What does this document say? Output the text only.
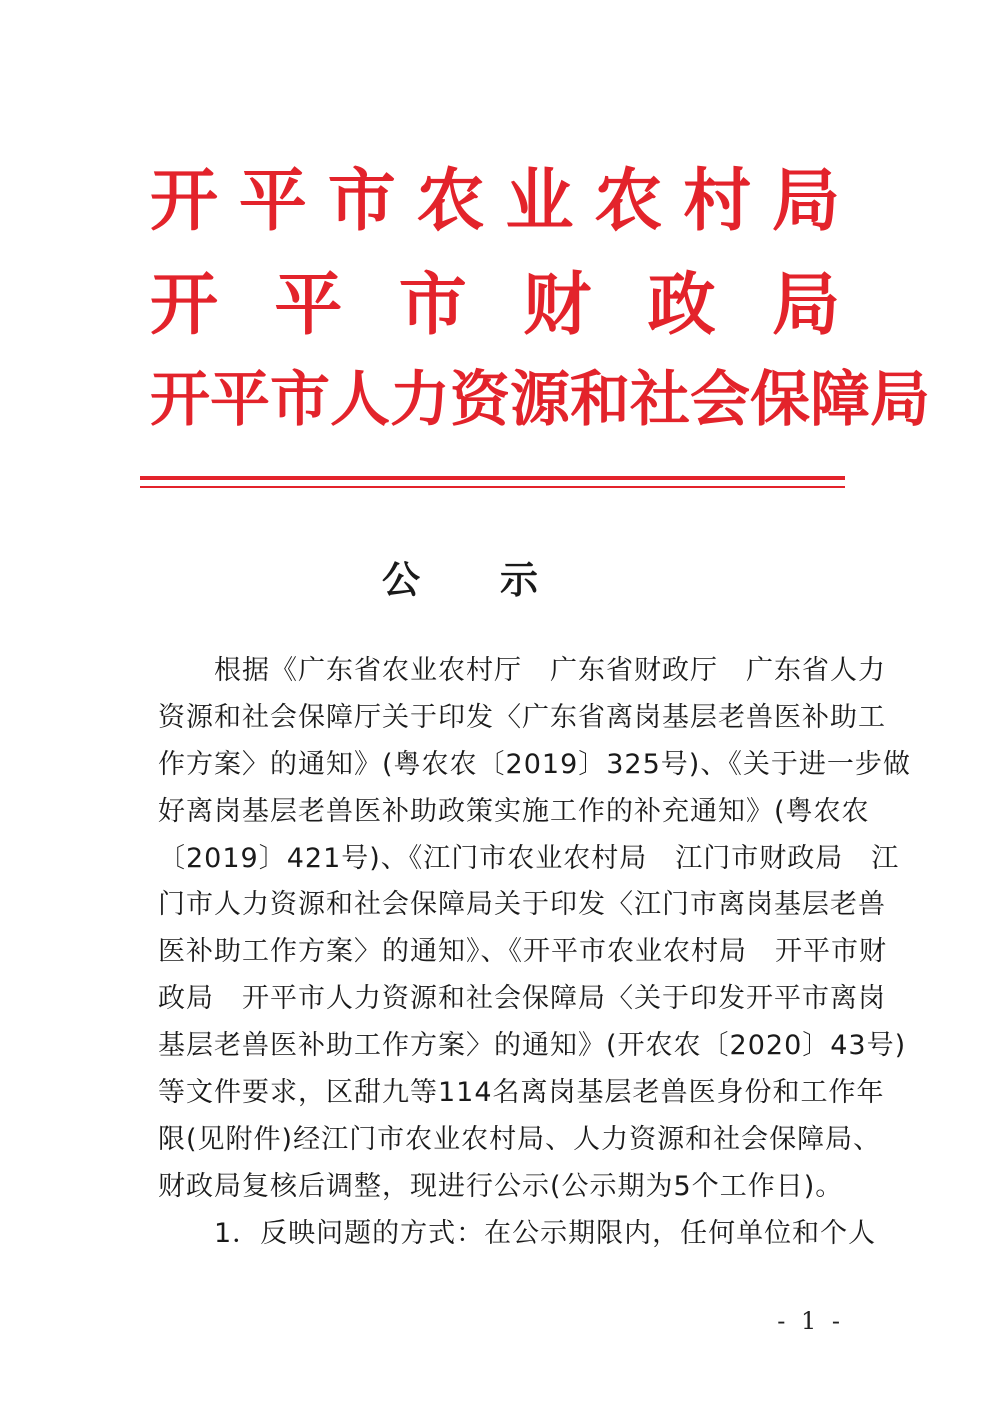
开 平 市 农 业 农 村 局
开 平 市 财 政 局
开 平 市 人 力 资 源 和 社 会 保 障 局
公示
　　根据《广东省农业农村厅　广东省财政厅　广东省人力
资源和社会保障厅关于印发〈广东省离岗基层老兽医补助工
作方案〉的通知》(粤农农〔2019〕325号)、《关于进一步做
好离岗基层老兽医补助政策实施工作的补充通知》(粤农农
〔2019〕421号)、《江门市农业农村局　江门市财政局　江
门市人力资源和社会保障局关于印发〈江门市离岗基层老兽
医补助工作方案〉的通知》、《开平市农业农村局　开平市财
政局　开平市人力资源和社会保障局〈关于印发开平市离岗
基层老兽医补助工作方案〉的通知》(开农农〔2020〕43号)
等文件要求，区甜九等114名离岗基层老兽医身份和工作年
限(见附件)经江门市农业农村局、人力资源和社会保障局、
财政局复核后调整，现进行公示(公示期为5个工作日)。
　　1．反映问题的方式：在公示期限内，任何单位和个人
- 1 -
